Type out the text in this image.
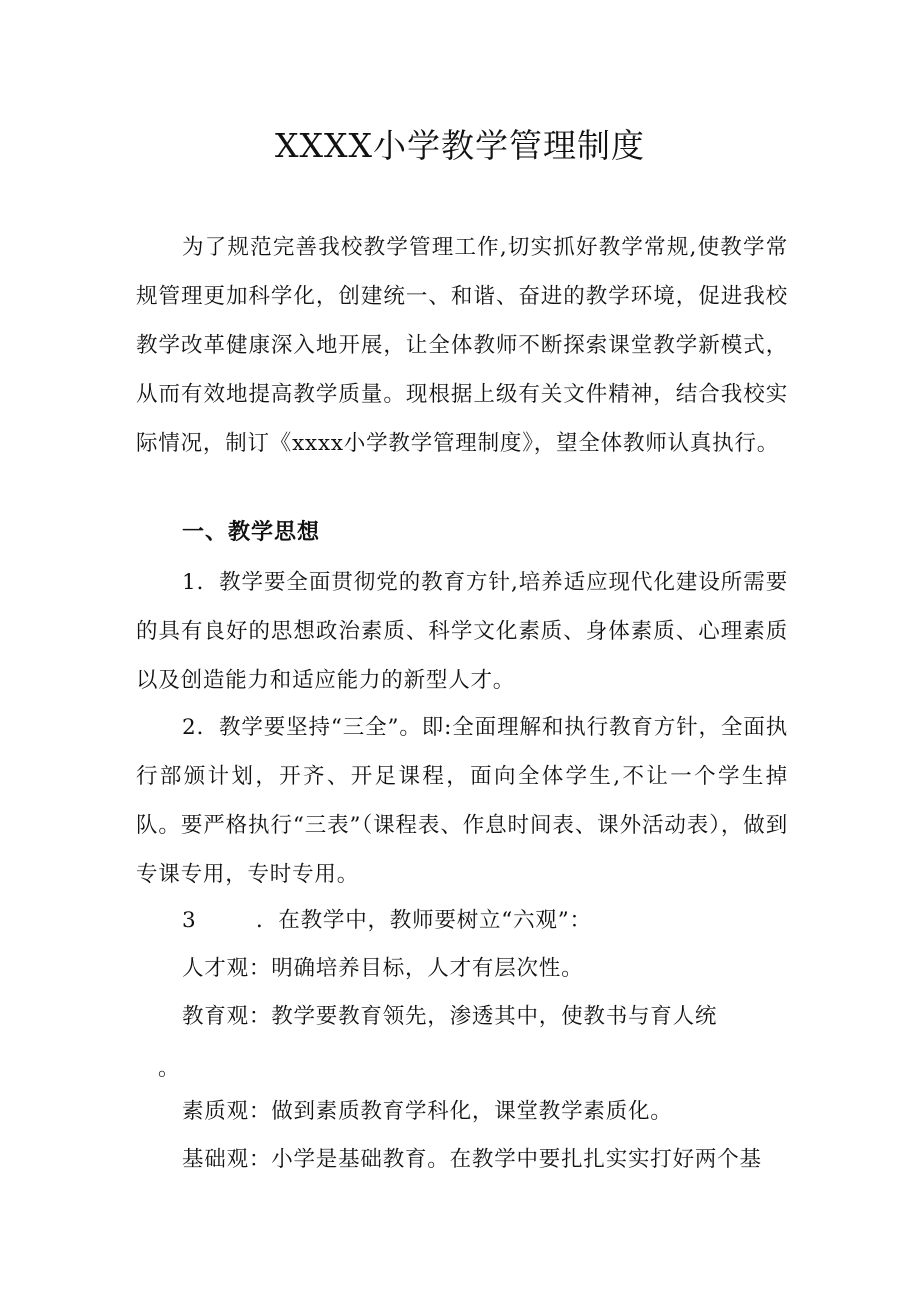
XXXX小学教学管理制度
为了规范完善我校教学管理工作,切实抓好教学常规,使教学常规管理更加科学化，创建统一、和谐、奋进的教学环境，促进我校教学改革健康深入地开展，让全体教师不断探索课堂教学新模式，从而有效地提高教学质量。现根据上级有关文件精神，结合我校实际情况，制订《xxxx小学教学管理制度》，望全体教师认真执行。
一、教学思想
1．教学要全面贯彻党的教育方针,培养适应现代化建设所需要的具有良好的思想政治素质、科学文化素质、身体素质、心理素质以及创造能力和适应能力的新型人才。
2．教学要坚持“三全”。即:全面理解和执行教育方针，全面执行部颁计划，开齐、开足课程，面向全体学生,不让一个学生掉队。要严格执行“三表”（课程表、作息时间表、课外活动表），做到专课专用，专时专用。
3	．在教学中，教师要树立“六观”：
人才观：明确培养目标，人才有层次性。
教育观：教学要教育领先，渗透其中，使教书与育人统
。
素质观：做到素质教育学科化，课堂教学素质化。
基础观：小学是基础教育。在教学中要扎扎实实打好两个基
